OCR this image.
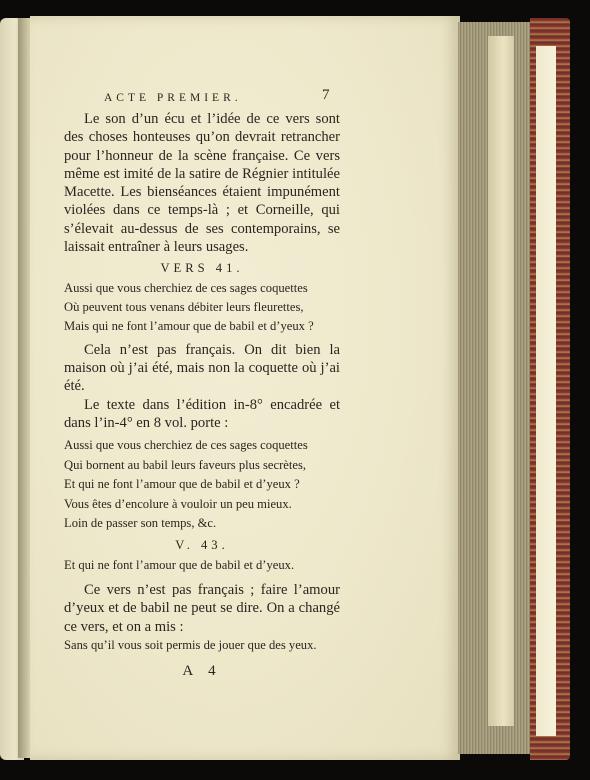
ACTE PREMIER.	7

Le son d’un écu et l’idée de ce vers sont des choses honteuses qu’on devrait retrancher pour l’honneur de la scène française. Ce vers même est imité de la satire de Régnier intitulée Macette. Les bienséances étaient impunément violées dans ce temps-là ; et Corneille, qui s’élevait au-dessus de ses contemporains, se laissait entraîner à leurs usages.

VERS 41.
Aussi que vous cherchiez de ces sages coquettes
Où peuvent tous venans débiter leurs fleurettes,
Mais qui ne font l’amour que de babil et d’yeux ?

Cela n’est pas français. On dit bien la maison où j’ai été, mais non la coquette où j’ai été.

Le texte dans l’édition in-8° encadrée et dans l’in-4° en 8 vol. porte :

Aussi que vous cherchiez de ces sages coquettes
Qui bornent au babil leurs faveurs plus secrètes,
Et qui ne font l’amour que de babil et d’yeux ?
Vous êtes d’encolure à vouloir un peu mieux.
Loin de passer son temps, &c.
V. 43.
Et qui ne font l’amour que de babil et d’yeux.

Ce vers n’est pas français ; faire l’amour d’yeux et de babil ne peut se dire. On a changé ce vers, et on a mis :

Sans qu’il vous soit permis de jouer que des yeux.
A 4
